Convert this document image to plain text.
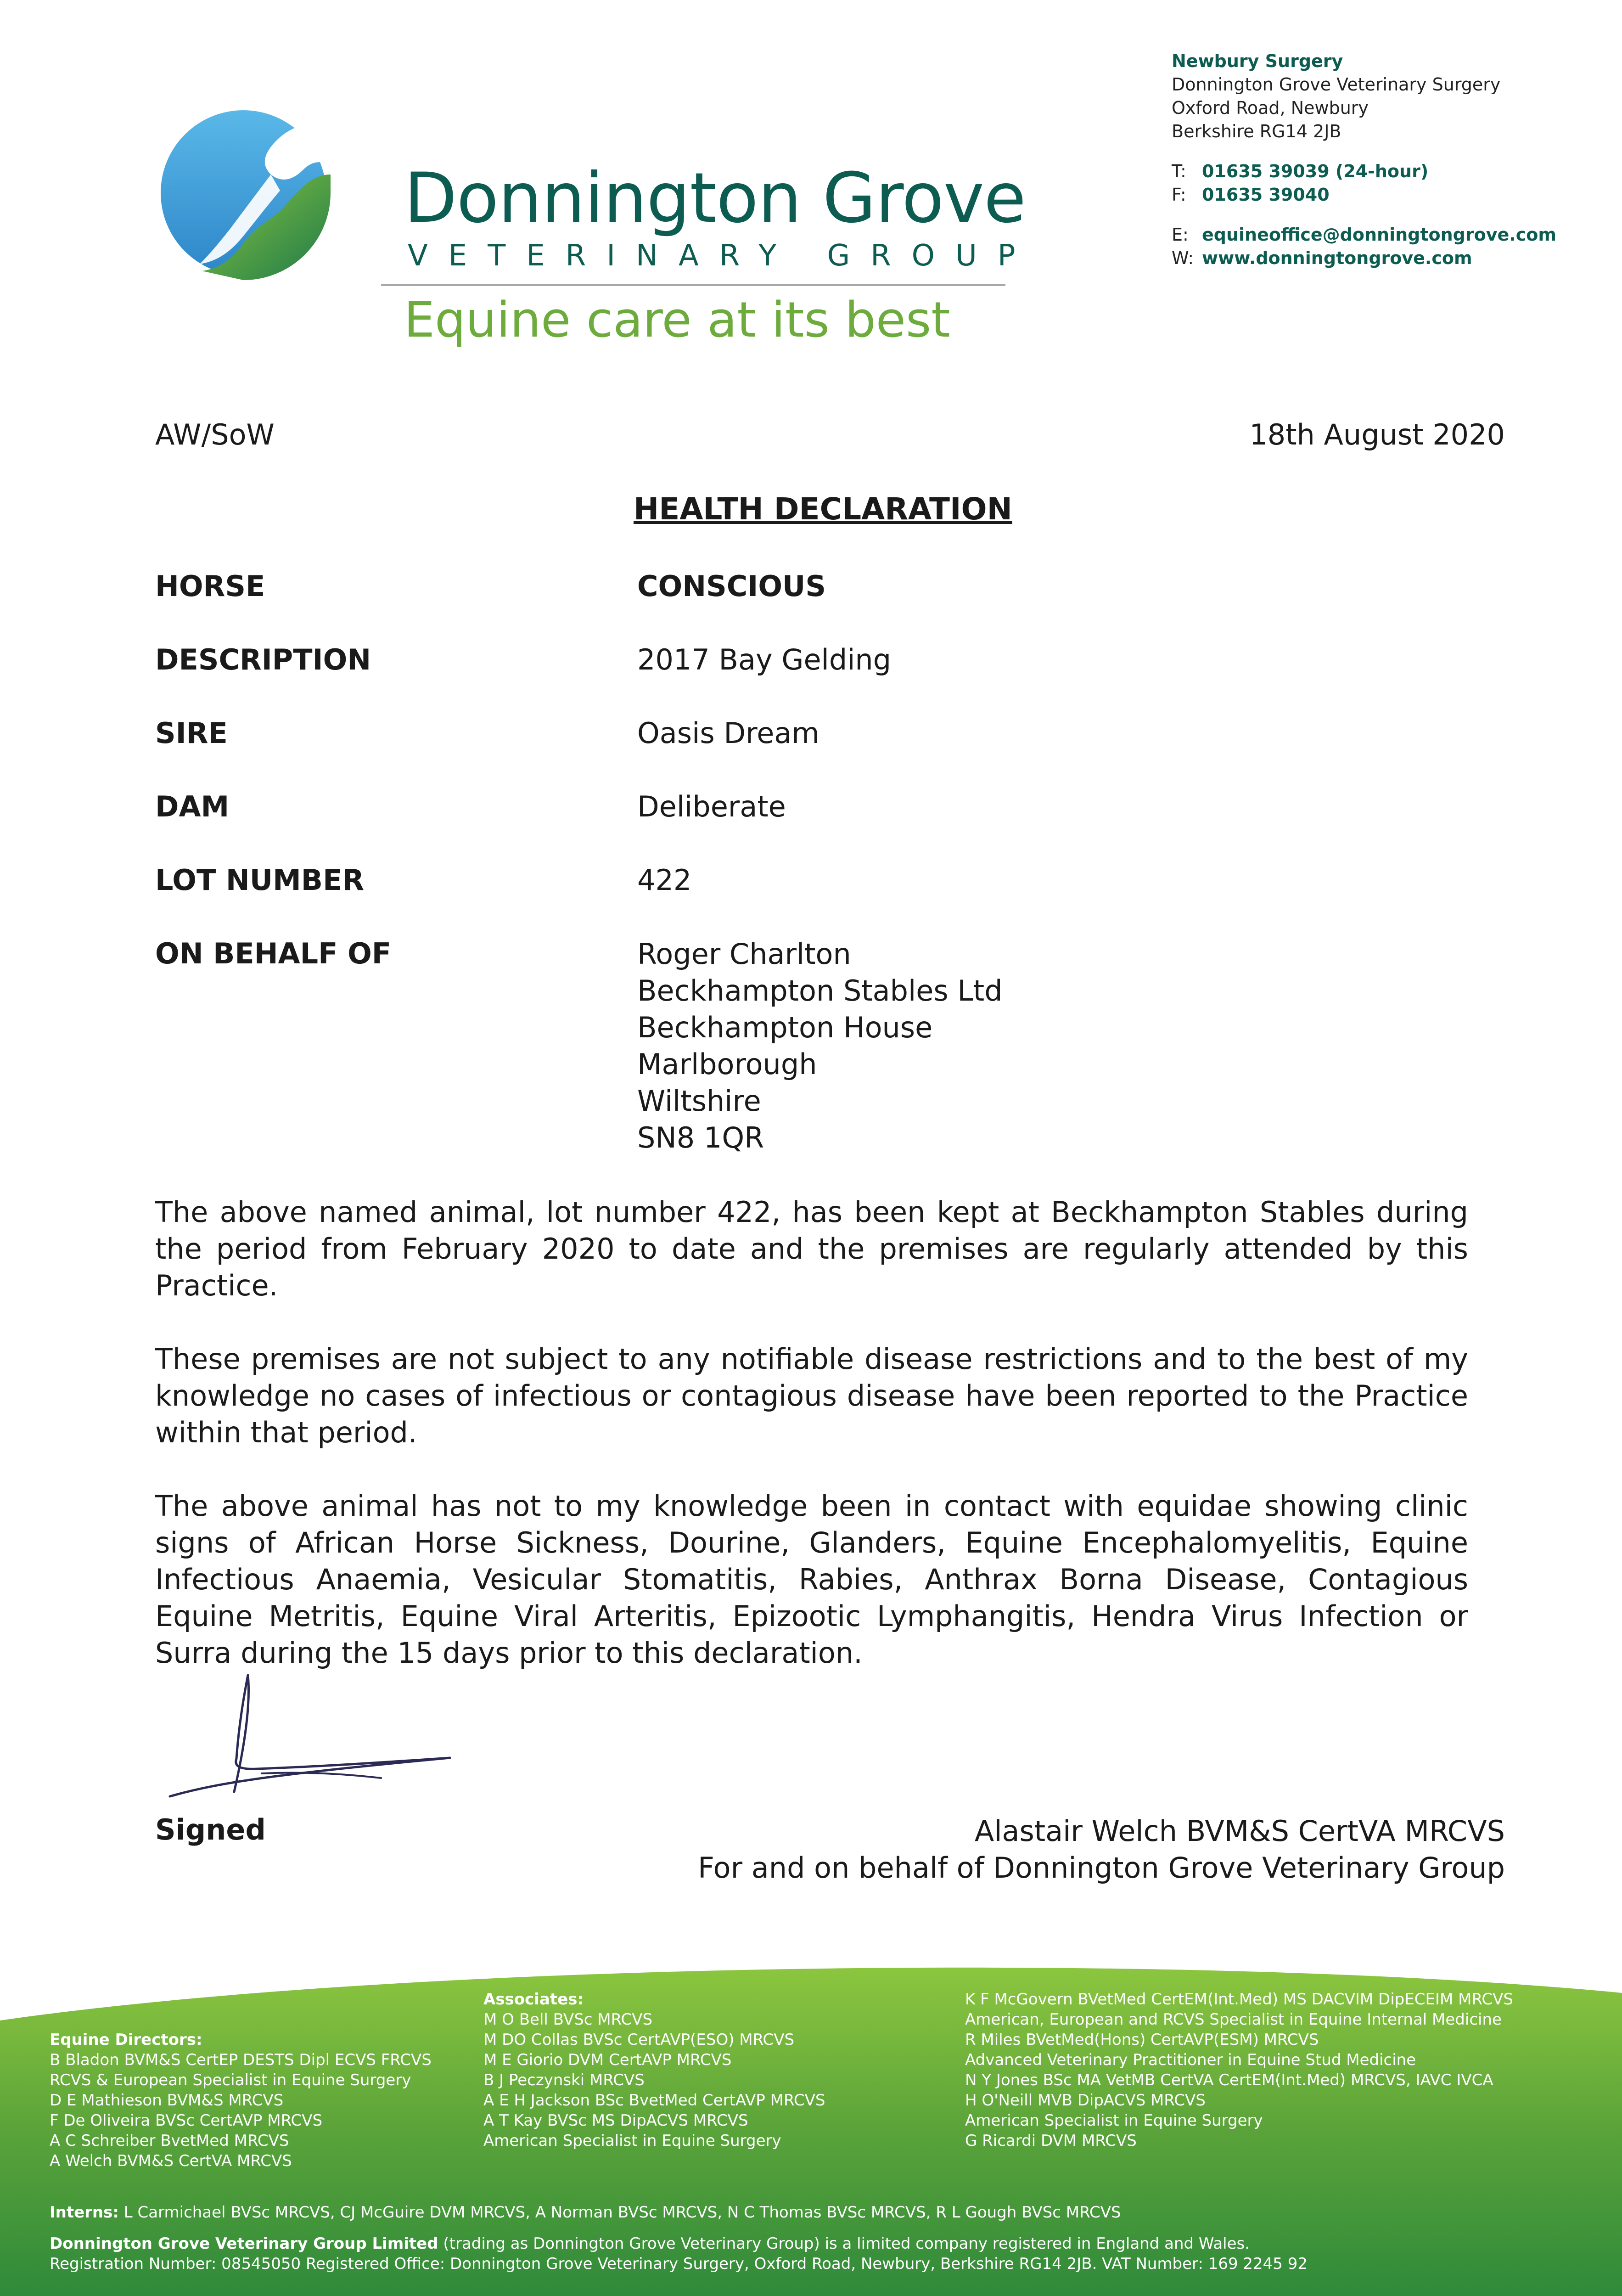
Donnington Grove
VETERINARY GROUP
Equine care at its best
Newbury Surgery
Donnington Grove Veterinary Surgery
Oxford Road, Newbury
Berkshire RG14 2JB
T: 01635 39039 (24-hour)
F: 01635 39040
E: equineoffice@donningtongrove.com
W: www.donningtongrove.com
AW/SoW	18th August 2020
HEALTH DECLARATION
HORSE	CONSCIOUS
DESCRIPTION	2017 Bay Gelding
SIRE	Oasis Dream
DAM	Deliberate
LOT NUMBER	422
ON BEHALF OF	Roger Charlton
Beckhampton Stables Ltd
Beckhampton House
Marlborough
Wiltshire
SN8 1QR
The above named animal, lot number 422, has been kept at Beckhampton Stables during the period from February 2020 to date and the premises are regularly attended by this Practice.
These premises are not subject to any notifiable disease restrictions and to the best of my knowledge no cases of infectious or contagious disease have been reported to the Practice within that period.
The above animal has not to my knowledge been in contact with equidae showing clinic signs of African Horse Sickness, Dourine, Glanders, Equine Encephalomyelitis, Equine Infectious Anaemia, Vesicular Stomatitis, Rabies, Anthrax Borna Disease, Contagious Equine Metritis, Equine Viral Arteritis, Epizootic Lymphangitis, Hendra Virus Infection or Surra during the 15 days prior to this declaration.
Signed	Alastair Welch BVM&S CertVA MRCVS
For and on behalf of Donnington Grove Veterinary Group
Equine Directors:
B Bladon BVM&S CertEP DESTS Dipl ECVS FRCVS
RCVS & European Specialist in Equine Surgery
D E Mathieson BVM&S MRCVS
F De Oliveira BVSc CertAVP MRCVS
A C Schreiber BvetMed MRCVS
A Welch BVM&S CertVA MRCVS
Associates:
M O Bell BVSc MRCVS
M DO Collas BVSc CertAVP(ESO) MRCVS
M E Giorio DVM CertAVP MRCVS
B J Peczynski MRCVS
A E H Jackson BSc BvetMed CertAVP MRCVS
A T Kay BVSc MS DipACVS MRCVS
American Specialist in Equine Surgery
K F McGovern BVetMed CertEM(Int.Med) MS DACVIM DipECEIM MRCVS
American, European and RCVS Specialist in Equine Internal Medicine
R Miles BVetMed(Hons) CertAVP(ESM) MRCVS
Advanced Veterinary Practitioner in Equine Stud Medicine
N Y Jones BSc MA VetMB CertVA CertEM(Int.Med) MRCVS, IAVC IVCA
H O'Neill MVB DipACVS MRCVS
American Specialist in Equine Surgery
G Ricardi DVM MRCVS
Interns: L Carmichael BVSc MRCVS, CJ McGuire DVM MRCVS, A Norman BVSc MRCVS, N C Thomas BVSc MRCVS, R L Gough BVSc MRCVS
Donnington Grove Veterinary Group Limited (trading as Donnington Grove Veterinary Group) is a limited company registered in England and Wales.
Registration Number: 08545050 Registered Office: Donnington Grove Veterinary Surgery, Oxford Road, Newbury, Berkshire RG14 2JB. VAT Number: 169 2245 92
